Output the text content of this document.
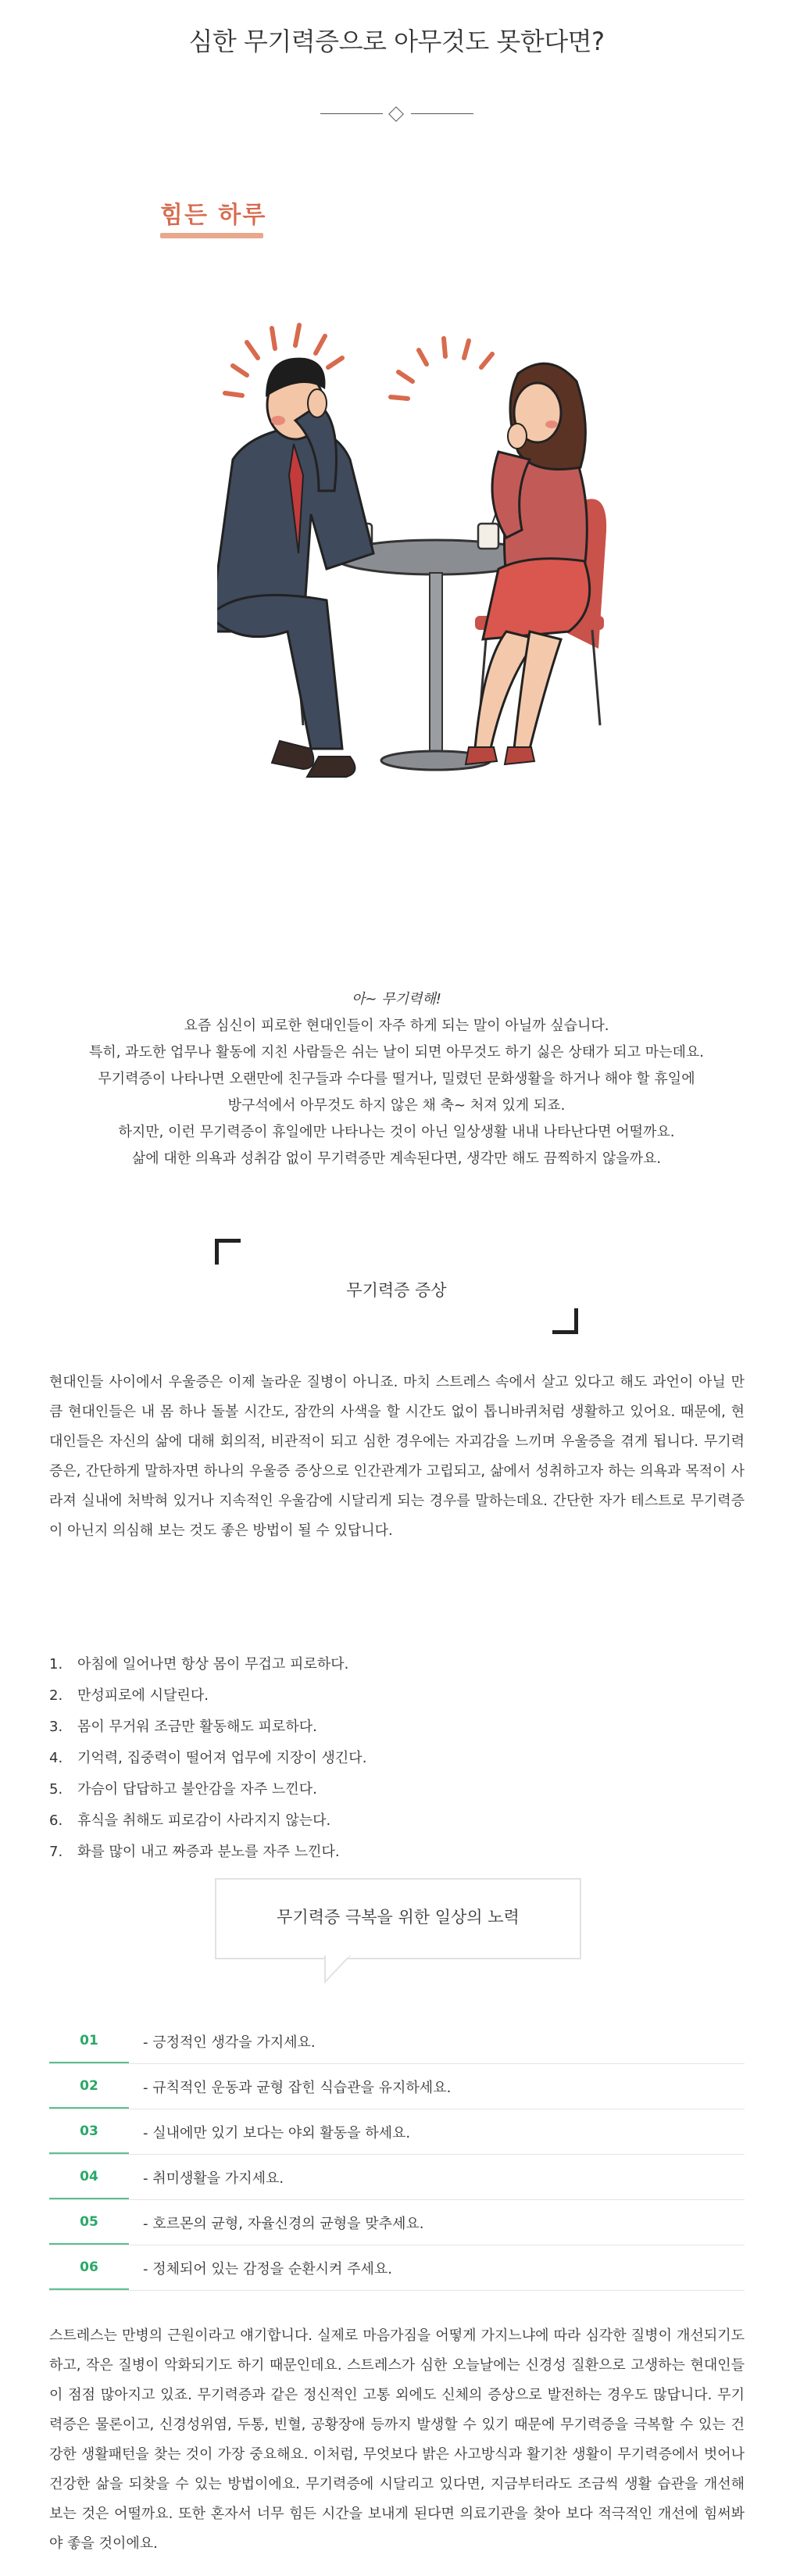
심한 무기력증으로 아무것도 못한다면?
힘든 하루
아~ 무기력해!
요즘 심신이 피로한 현대인들이 자주 하게 되는 말이 아닐까 싶습니다.
특히, 과도한 업무나 활동에 지친 사람들은 쉬는 날이 되면 아무것도 하기 싫은 상태가 되고 마는데요.
무기력증이 나타나면 오랜만에 친구들과 수다를 떨거나, 밀렸던 문화생활을 하거나 해야 할 휴일에
방구석에서 아무것도 하지 않은 채 축~ 처져 있게 되죠.
하지만, 이런 무기력증이 휴일에만 나타나는 것이 아닌 일상생활 내내 나타난다면 어떨까요.
삶에 대한 의욕과 성취감 없이 무기력증만 계속된다면, 생각만 해도 끔찍하지 않을까요.
무기력증 증상

현대인들 사이에서 우울증은 이제 놀라운 질병이 아니죠. 마치 스트레스 속에서 살고 있다고 해도 과언이 아닐 만큼 현대인들은 내 몸 하나 돌볼 시간도, 잠깐의 사색을 할 시간도 없이 톱니바퀴처럼 생활하고 있어요. 때문에, 현대인들은 자신의 삶에 대해 회의적, 비관적이 되고 심한 경우에는 자괴감을 느끼며 우울증을 겪게 됩니다. 무기력증은, 간단하게 말하자면 하나의 우울증 증상으로 인간관계가 고립되고, 삶에서 성취하고자 하는 의욕과 목적이 사라져 실내에 처박혀 있거나 지속적인 우울감에 시달리게 되는 경우를 말하는데요. 간단한 자가 테스트로 무기력증이 아닌지 의심해 보는 것도 좋은 방법이 될 수 있답니다.

1.	아침에 일어나면 항상 몸이 무겁고 피로하다.
2.	만성피로에 시달린다.
3.	몸이 무거워 조금만 활동해도 피로하다.
4.	기억력, 집중력이 떨어져 업무에 지장이 생긴다.
5.	가슴이 답답하고 불안감을 자주 느낀다.
6.	휴식을 취해도 피로감이 사라지지 않는다.
7.	화를 많이 내고 짜증과 분노를 자주 느낀다.
무기력증 극복을 위한 일상의 노력
01	- 긍정적인 생각을 가지세요.
02	- 규칙적인 운동과 균형 잡힌 식습관을 유지하세요.
03	- 실내에만 있기 보다는 야외 활동을 하세요.
04	- 취미생활을 가지세요.
05	- 호르몬의 균형, 자율신경의 균형을 맞추세요.
06	- 정체되어 있는 감정을 순환시켜 주세요.

스트레스는 만병의 근원이라고 얘기합니다. 실제로 마음가짐을 어떻게 가지느냐에 따라 심각한 질병이 개선되기도 하고, 작은 질병이 악화되기도 하기 때문인데요. 스트레스가 심한 오늘날에는 신경성 질환으로 고생하는 현대인들이 점점 많아지고 있죠. 무기력증과 같은 정신적인 고통 외에도 신체의 증상으로 발전하는 경우도 많답니다. 무기력증은 물론이고, 신경성위염, 두통, 빈혈, 공황장애 등까지 발생할 수 있기 때문에 무기력증을 극복할 수 있는 건강한 생활패턴을 찾는 것이 가장 중요해요. 이처럼, 무엇보다 밝은 사고방식과 활기찬 생활이 무기력증에서 벗어나 건강한 삶을 되찾을 수 있는 방법이에요. 무기력증에 시달리고 있다면, 지금부터라도 조금씩 생활 습관을 개선해 보는 것은 어떨까요. 또한 혼자서 너무 힘든 시간을 보내게 된다면 의료기관을 찾아 보다 적극적인 개선에 힘써봐야 좋을 것이에요.
